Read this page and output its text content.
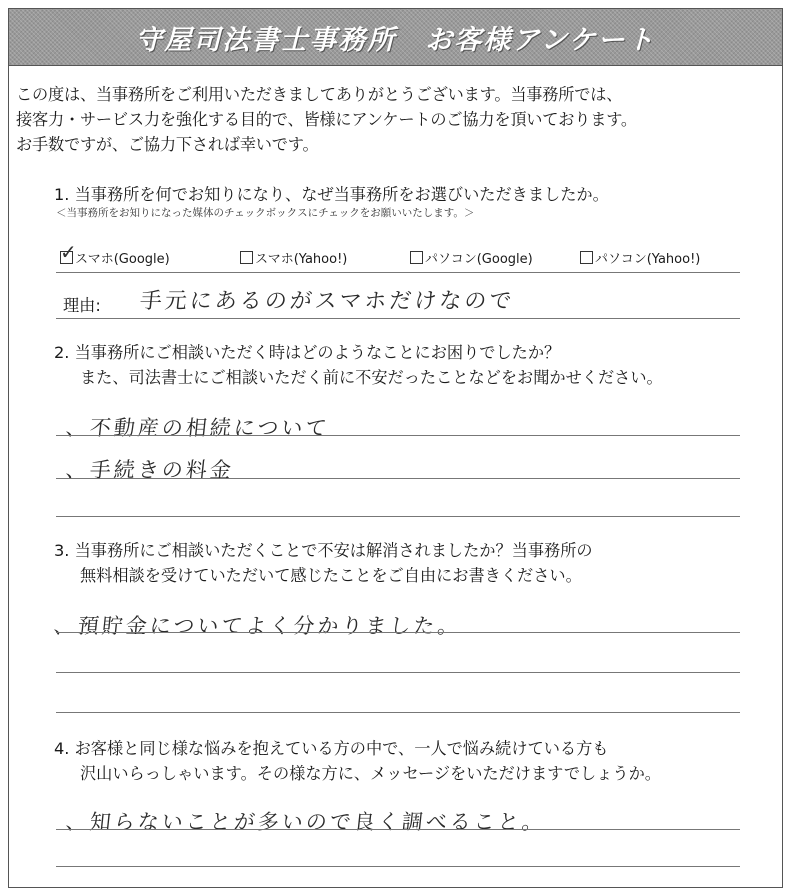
守屋司法書士事務所　お客様アンケート
この度は、当事務所をご利用いただきましてありがとうございます。当事務所では、
接客力・サービス力を強化する目的で、皆様にアンケートのご協力を頂いております。
お手数ですが、ご協力下されば幸いです。
1. 当事務所を何でお知りになり、なぜ当事務所をお選びいただきましたか。
＜当事務所をお知りになった媒体のチェックボックスにチェックをお願いいたします。＞
✓
スマホ(Google)	スマホ(Yahoo!)	パソコン(Google)	パソコン(Yahoo!)
理由: 手元にあるのがスマホだけなので
2. 当事務所にご相談いただく時はどのようなことにお困りでしたか？
また、司法書士にご相談いただく前に不安だったことなどをお聞かせください。
、不動産の相続について
、手続きの料金
3. 当事務所にご相談いただくことで不安は解消されましたか？当事務所の
無料相談を受けていただいて感じたことをご自由にお書きください。
、預貯金についてよく分かりました。
4. お客様と同じ様な悩みを抱えている方の中で、一人で悩み続けている方も
沢山いらっしゃいます。その様な方に、メッセージをいただけますでしょうか。
、知らないことが多いので良く調べること。
